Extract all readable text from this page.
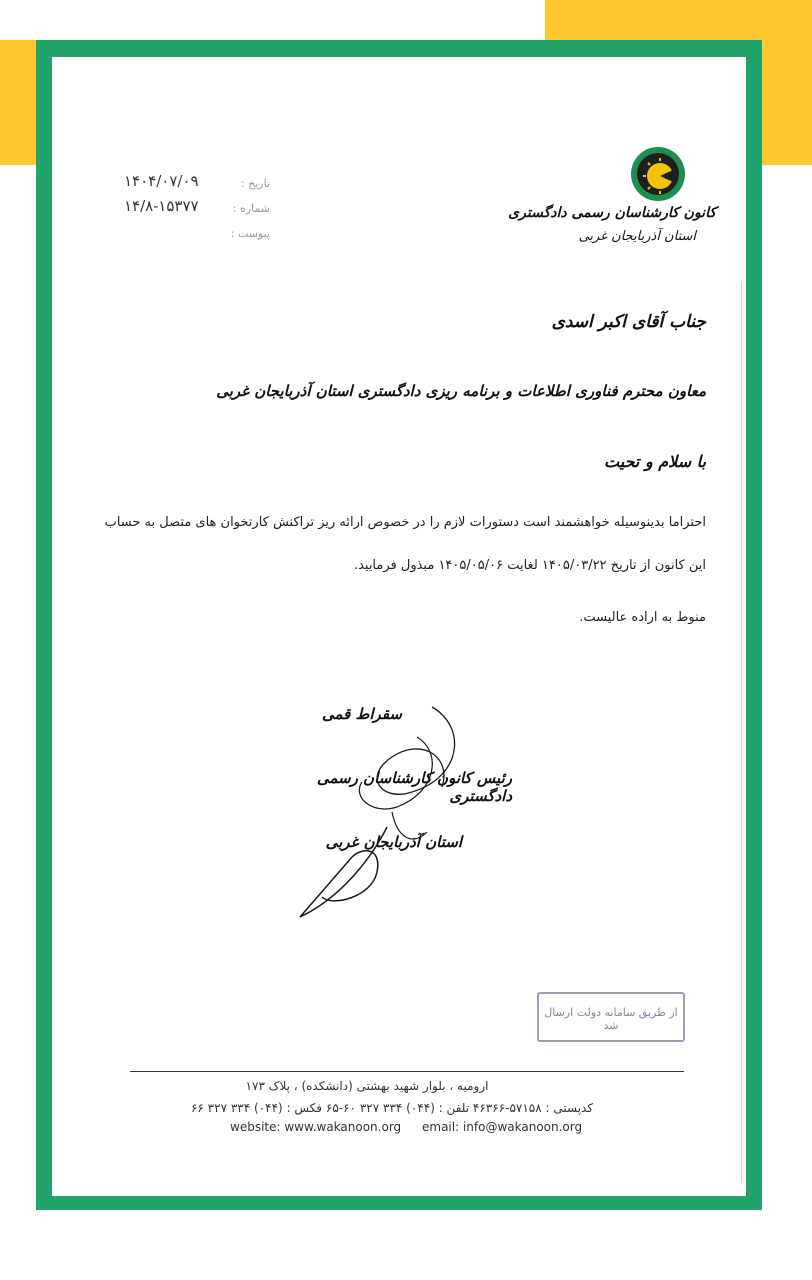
کانون کارشناسان رسمی دادگستری
استان آذربایجان غربی
تاریخ :
۱۴۰۴/۰۷/۰۹
شماره :
۱۴/۸-۱۵۳۷۷
پیوست :
جناب آقای اکبر اسدی
معاون محترم فناوری اطلاعات و برنامه ریزی دادگستری استان آذربایجان غربی
با سلام و تحیت
احتراما بدینوسیله خواهشمند است دستورات لازم را در خصوص ارائه ریز تراکنش کارتخوان های متصل به حساب
این کانون از تاریخ ۱۴۰۵/۰۳/۲۲ لغایت ۱۴۰۵/۰۵/۰۶ مبذول فرمایید.
منوط به اراده عالیست.
سقراط قمی
رئیس کانون کارشناسان رسمی دادگستری
استان آذربایجان غربی
از طریق سامانه دولت ارسال شد
ارومیه ، بلوار شهید بهشتی (دانشکده) ، پلاک ۱۷۳
کدپستی : ۵۷۱۵۸-۴۶۳۶۶ تلفن : (۰۴۴) ۳۳۴ ۳۲۷ ۶۰-۶۵ فکس : (۰۴۴) ۳۳۴ ۳۲۷ ۶۶
website: www.wakanoon.org	email: info@wakanoon.org
